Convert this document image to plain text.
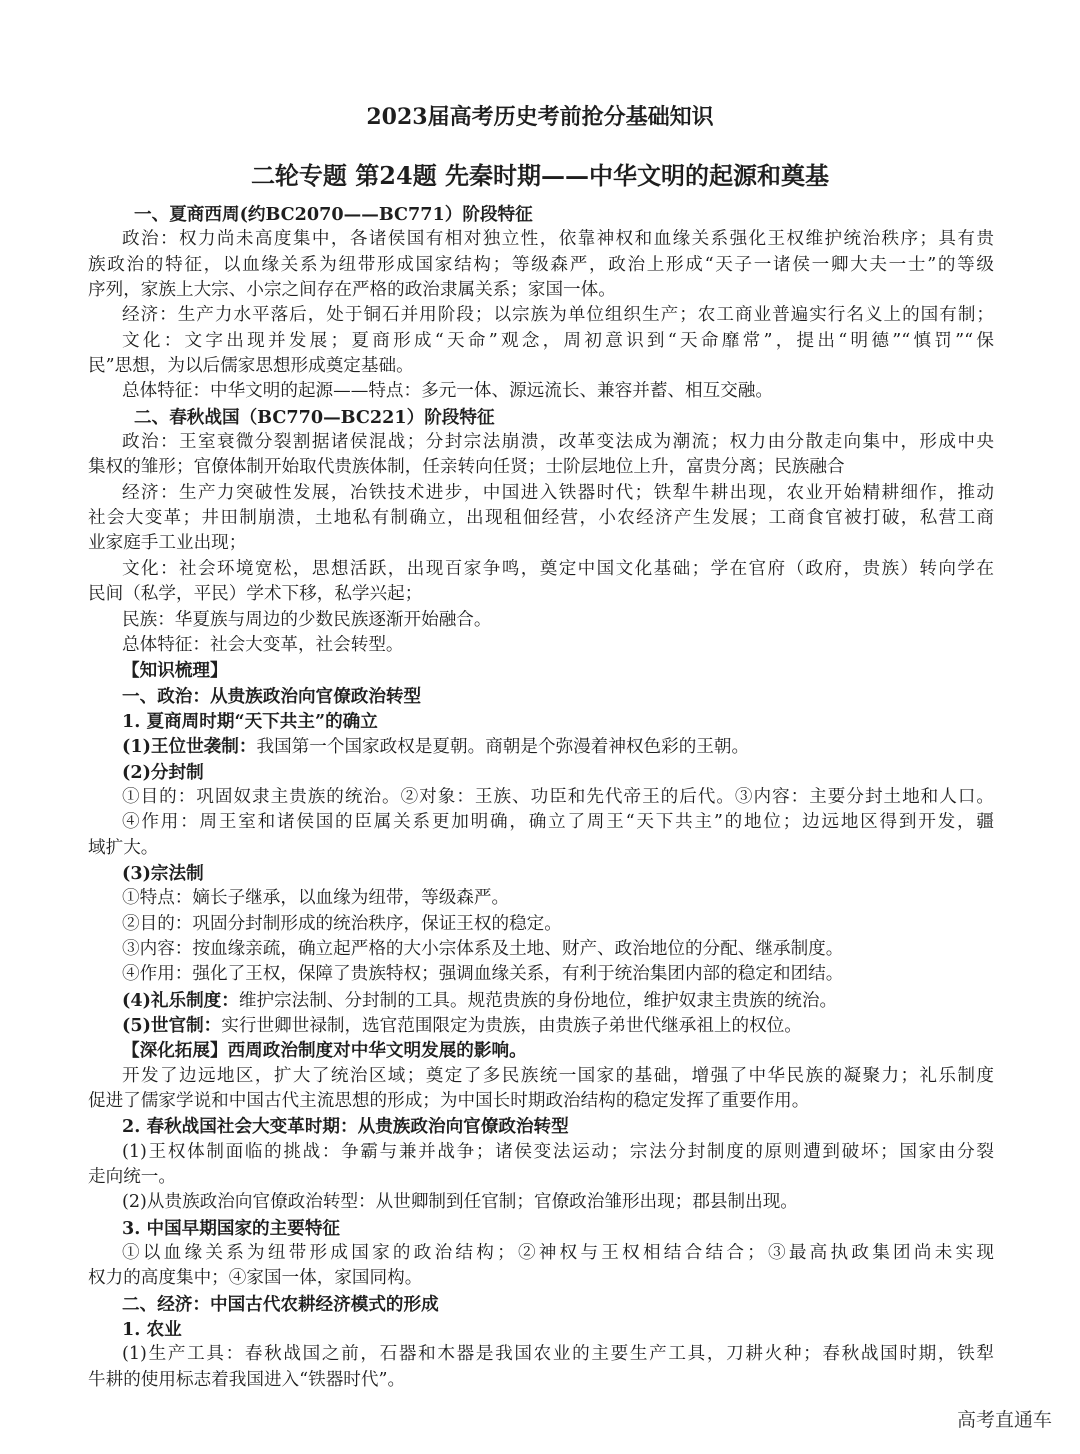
2023届高考历史考前抢分基础知识
二轮专题 第24题 先秦时期——中华文明的起源和奠基
一、夏商西周(约BC2070——BC771）阶段特征
政治：权力尚未高度集中，各诸侯国有相对独立性，依靠神权和血缘关系强化王权维护统治秩序；具有贵
族政治的特征，以血缘关系为纽带形成国家结构；等级森严，政治上形成“天子一诸侯一卿大夫一士”的等级
序列，家族上大宗、小宗之间存在严格的政治隶属关系；家国一体。
经济：生产力水平落后，处于铜石并用阶段；以宗族为单位组织生产；农工商业普遍实行名义上的国有制；
文化：文字出现并发展；夏商形成“天命”观念，周初意识到“天命靡常”，提出“明德”“慎罚”“保
民”思想，为以后儒家思想形成奠定基础。
总体特征：中华文明的起源——特点：多元一体、源远流长、兼容并蓄、相互交融。
二、春秋战国（BC770—BC221）阶段特征
政治：王室衰微分裂割据诸侯混战；分封宗法崩溃，改革变法成为潮流；权力由分散走向集中，形成中央
集权的雏形；官僚体制开始取代贵族体制，任亲转向任贤；士阶层地位上升，富贵分离；民族融合
经济：生产力突破性发展，冶铁技术进步，中国进入铁器时代；铁犁牛耕出现，农业开始精耕细作，推动
社会大变革；井田制崩溃，土地私有制确立，出现租佃经营，小农经济产生发展；工商食官被打破，私营工商
业家庭手工业出现；
文化：社会环境宽松，思想活跃，出现百家争鸣，奠定中国文化基础；学在官府（政府，贵族）转向学在
民间（私学，平民）学术下移，私学兴起；
民族：华夏族与周边的少数民族逐渐开始融合。
总体特征：社会大变革，社会转型。
【知识梳理】
一、政治：从贵族政治向官僚政治转型
1. 夏商周时期“天下共主”的确立
(1)王位世袭制：我国第一个国家政权是夏朝。商朝是个弥漫着神权色彩的王朝。
(2)分封制
①目的：巩固奴隶主贵族的统治。②对象：王族、功臣和先代帝王的后代。③内容：主要分封土地和人口。
④作用：周王室和诸侯国的臣属关系更加明确，确立了周王“天下共主”的地位；边远地区得到开发，疆
域扩大。
(3)宗法制
①特点：嫡长子继承，以血缘为纽带，等级森严。
②目的：巩固分封制形成的统治秩序，保证王权的稳定。
③内容：按血缘亲疏，确立起严格的大小宗体系及土地、财产、政治地位的分配、继承制度。
④作用：强化了王权，保障了贵族特权；强调血缘关系，有利于统治集团内部的稳定和团结。
(4)礼乐制度：维护宗法制、分封制的工具。规范贵族的身份地位，维护奴隶主贵族的统治。
(5)世官制：实行世卿世禄制，选官范围限定为贵族，由贵族子弟世代继承祖上的权位。
【深化拓展】西周政治制度对中华文明发展的影响。
开发了边远地区，扩大了统治区域；奠定了多民族统一国家的基础，增强了中华民族的凝聚力；礼乐制度
促进了儒家学说和中国古代主流思想的形成；为中国长时期政治结构的稳定发挥了重要作用。
2. 春秋战国社会大变革时期：从贵族政治向官僚政治转型
(1)王权体制面临的挑战：争霸与兼并战争；诸侯变法运动；宗法分封制度的原则遭到破坏；国家由分裂
走向统一。
(2)从贵族政治向官僚政治转型：从世卿制到任官制；官僚政治雏形出现；郡县制出现。
3. 中国早期国家的主要特征
①以血缘关系为纽带形成国家的政治结构；②神权与王权相结合结合；③最高执政集团尚未实现
权力的高度集中；④家国一体，家国同构。
二、经济：中国古代农耕经济模式的形成
1. 农业
(1)生产工具：春秋战国之前，石器和木器是我国农业的主要生产工具，刀耕火种；春秋战国时期，铁犁
牛耕的使用标志着我国进入“铁器时代”。
高考直通车
